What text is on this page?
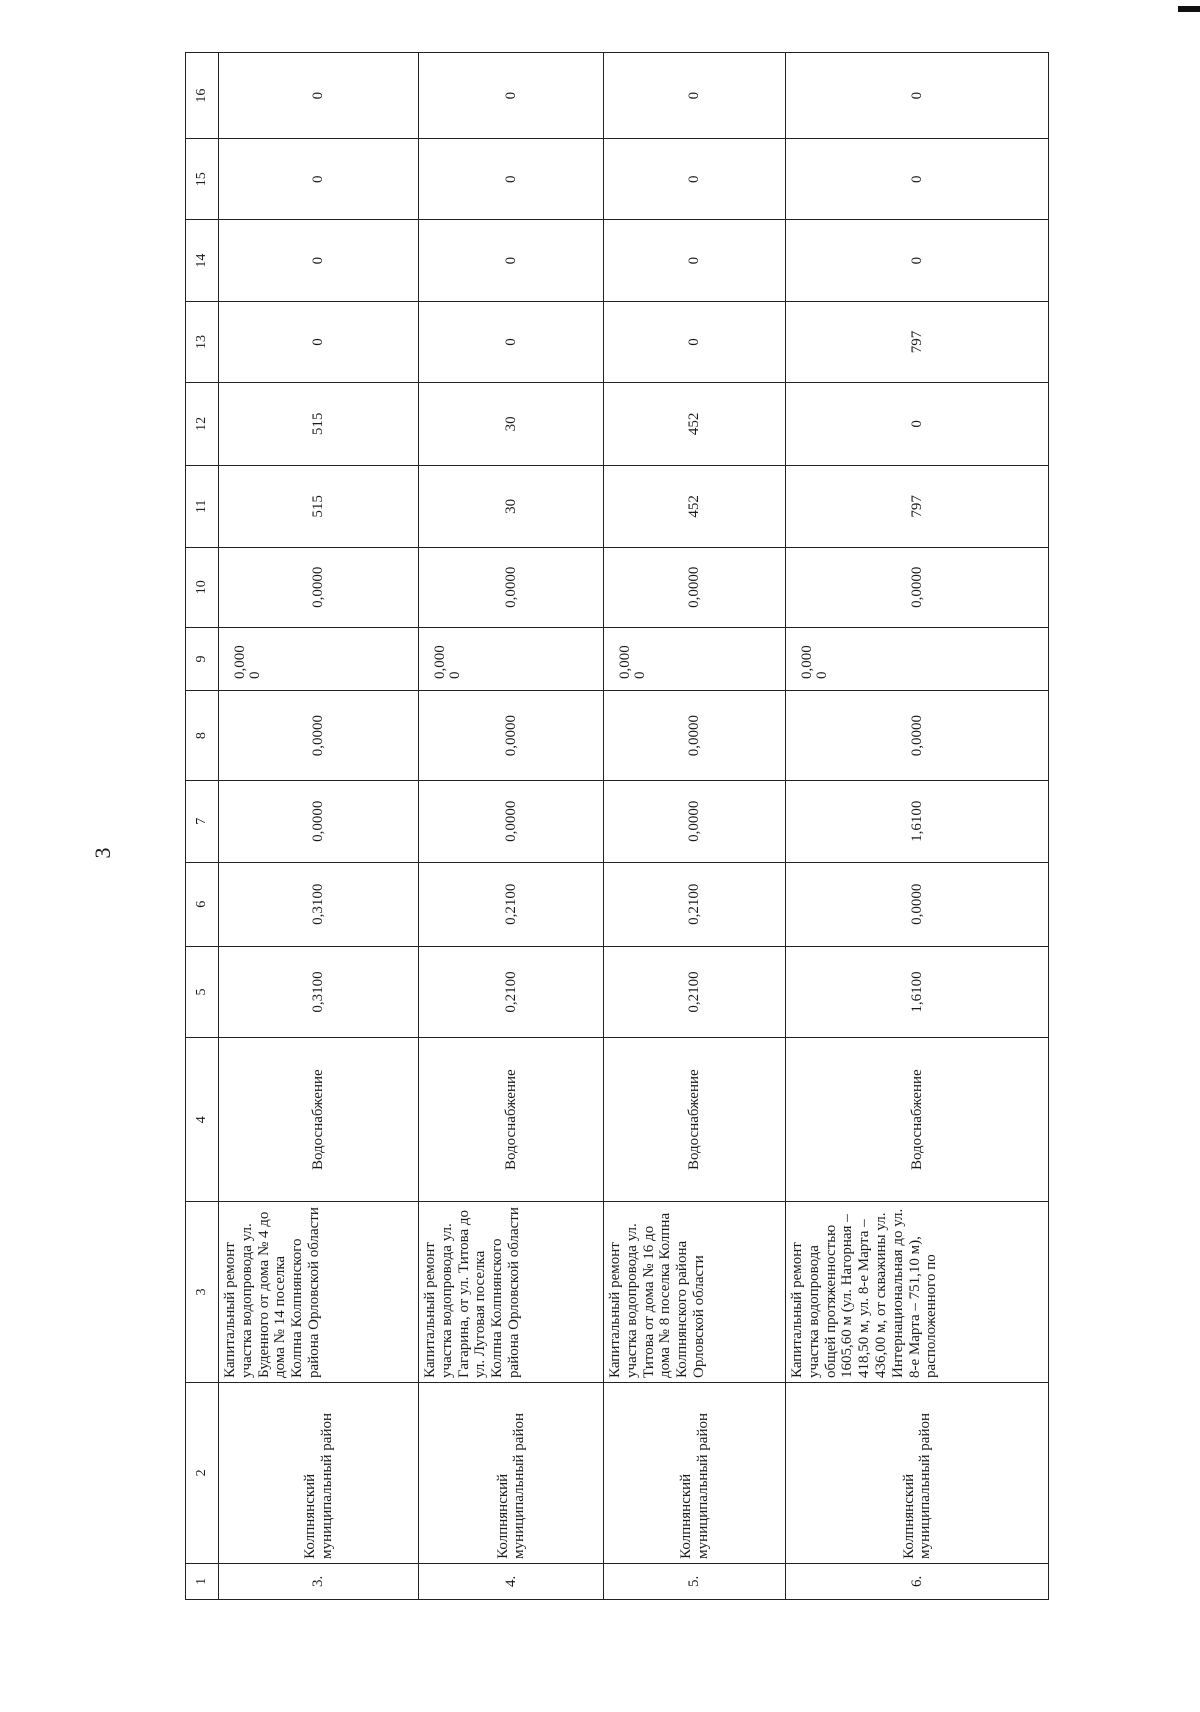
3
1	2	3	4	5	6	7	8	9	10	11	12	13	14	15	16
3.	Колпнянский муниципальный район	Капитальный ремонт участка водопровода ул. Буденного от дома № 4 до дома № 14 поселка Колпна Колпнянского района Орловской области	Водоснабжение	0,3100	0,3100	0,0000	0,0000	0,0000	0,0000	515	515	0	0	0	0
4.	Колпнянский муниципальный район	Капитальный ремонт участка водопровода ул. Гагарина, от ул. Титова до ул. Луговая поселка Колпна Колпнянского района Орловской области	Водоснабжение	0,2100	0,2100	0,0000	0,0000	0,0000	0,0000	30	30	0	0	0	0
5.	Колпнянский муниципальный район	Капитальный ремонт участка водопровода ул. Титова от дома № 16 до дома № 8 поселка Колпна Колпнянского района Орловской области	Водоснабжение	0,2100	0,2100	0,0000	0,0000	0,0000	0,0000	452	452	0	0	0	0
6.	Колпнянский муниципальный район	Капитальный ремонт участка водопровода общей протяженностью 1605,60 м (ул. Нагорная – 418,50 м, ул. 8-е Марта – 436,00 м, от скважины ул. Интернациональная до ул. 8-е Марта – 751,10 м), расположенного по	Водоснабжение	1,6100	0,0000	1,6100	0,0000	0,0000	0,0000	797	0	797	0	0	0
